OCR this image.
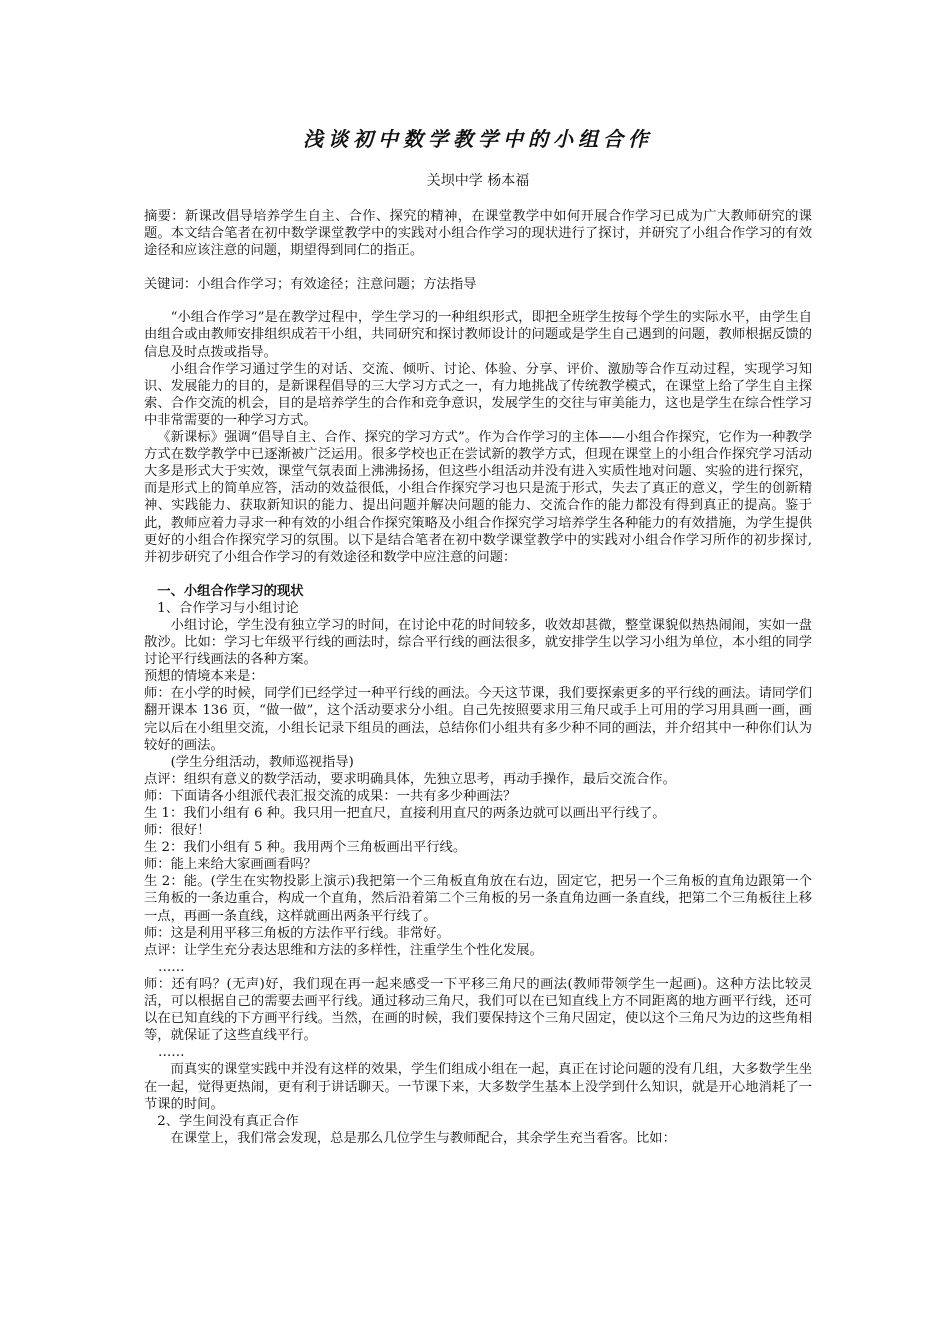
浅谈初中数学教学中的小组合作
关坝中学 杨本福

摘要：新课改倡导培养学生自主、合作、探究的精神，在课堂教学中如何开展合作学习已成为广大教师研究的课题。本文结合笔者在初中数学课堂教学中的实践对小组合作学习的现状进行了探讨，并研究了小组合作学习的有效途径和应该注意的问题，期望得到同仁的指正。

关键词：小组合作学习；有效途径；注意问题；方法指导

“小组合作学习”是在教学过程中，学生学习的一种组织形式，即把全班学生按每个学生的实际水平，由学生自由组合或由教师安排组织成若干小组，共同研究和探讨教师设计的问题或是学生自己遇到的问题，教师根据反馈的信息及时点拨或指导。

小组合作学习通过学生的对话、交流、倾听、讨论、体验、分享、评价、激励等合作互动过程，实现学习知识、发展能力的目的，是新课程倡导的三大学习方式之一，有力地挑战了传统教学模式，在课堂上给了学生自主探索、合作交流的机会，目的是培养学生的合作和竞争意识，发展学生的交往与审美能力，这也是学生在综合性学习中非常需要的一种学习方式。

《新课标》强调“倡导自主、合作、探究的学习方式”。作为合作学习的主体——小组合作探究，它作为一种教学方式在数学教学中已逐渐被广泛运用。很多学校也正在尝试新的教学方式，但现在课堂上的小组合作探究学习活动大多是形式大于实效，课堂气氛表面上沸沸扬扬，但这些小组活动并没有进入实质性地对问题、实验的进行探究，而是形式上的简单应答，活动的效益很低，小组合作探究学习也只是流于形式，失去了真正的意义，学生的创新精神、实践能力、获取新知识的能力、提出问题并解决问题的能力、交流合作的能力都没有得到真正的提高。鉴于此，教师应着力寻求一种有效的小组合作探究策略及小组合作探究学习培养学生各种能力的有效措施，为学生提供更好的小组合作探究学习的氛围。以下是结合笔者在初中数学课堂教学中的实践对小组合作学习所作的初步探讨,并初步研究了小组合作学习的有效途径和数学中应注意的问题：

一、小组合作学习的现状

1、合作学习与小组讨论

小组讨论，学生没有独立学习的时间，在讨论中花的时间较多，收效却甚微，整堂课貌似热热闹闹，实如一盘散沙。比如：学习七年级平行线的画法时，综合平行线的画法很多，就安排学生以学习小组为单位，本小组的同学讨论平行线画法的各种方案。

预想的情境本来是：

师：在小学的时候，同学们已经学过一种平行线的画法。今天这节课，我们要探索更多的平行线的画法。请同学们翻开课本 136 页，“做一做”，这个活动要求分小组。自己先按照要求用三角尺或手上可用的学习用具画一画，画完以后在小组里交流，小组长记录下组员的画法，总结你们小组共有多少种不同的画法，并介绍其中一种你们认为较好的画法。

(学生分组活动，教师巡视指导)

点评：组织有意义的数学活动，要求明确具体，先独立思考，再动手操作，最后交流合作。

师：下面请各小组派代表汇报交流的成果：一共有多少种画法？

生 1：我们小组有 6 种。我只用一把直尺，直接利用直尺的两条边就可以画出平行线了。

师：很好！

生 2：我们小组有 5 种。我用两个三角板画出平行线。

师：能上来给大家画画看吗？

生 2：能。(学生在实物投影上演示)我把第一个三角板直角放在右边，固定它，把另一个三角板的直角边跟第一个三角板的一条边重合，构成一个直角，然后沿着第二个三角板的另一条直角边画一条直线，把第二个三角板往上移一点，再画一条直线，这样就画出两条平行线了。

师：这是利用平移三角板的方法作平行线。非常好。

点评：让学生充分表达思维和方法的多样性，注重学生个性化发展。

……

师：还有吗？(无声)好，我们现在再一起来感受一下平移三角尺的画法(教师带领学生一起画)。这种方法比较灵活，可以根据自己的需要去画平行线。通过移动三角尺，我们可以在已知直线上方不同距离的地方画平行线，还可以在已知直线的下方画平行线。当然，在画的时候，我们要保持这个三角尺固定，使以这个三角尺为边的这些角相等，就保证了这些直线平行。

……

而真实的课堂实践中并没有这样的效果，学生们组成小组在一起，真正在讨论问题的没有几组，大多数学生坐在一起，觉得更热闹，更有利于讲话聊天。一节课下来，大多数学生基本上没学到什么知识，就是开心地消耗了一节课的时间。

2、学生间没有真正合作

在课堂上，我们常会发现，总是那么几位学生与教师配合，其余学生充当看客。比如：
